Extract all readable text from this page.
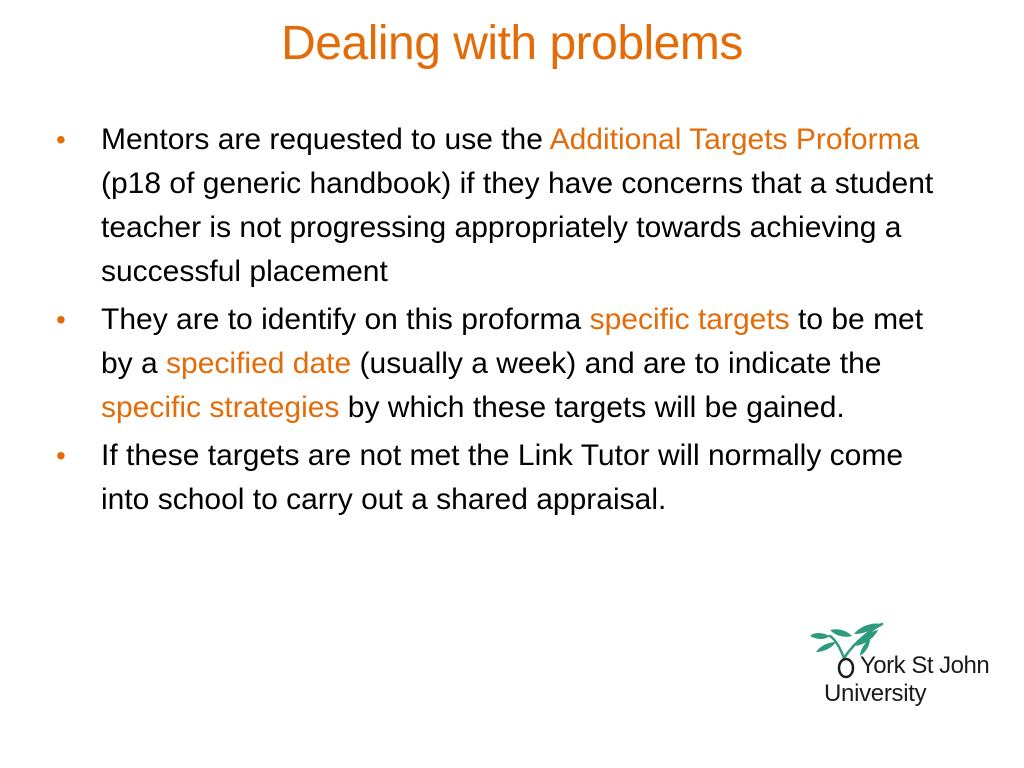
Dealing with problems
•	Mentors are requested to use the Additional Targets Proforma (p18 of generic handbook) if they have concerns that a student teacher is not progressing appropriately towards achieving a successful placement
•	They are to identify on this proforma specific targets to be met by a specified date (usually a week) and are to indicate the specific strategies by which these targets will be gained.
•	If these targets are not met the Link Tutor will normally come into school to carry out a shared appraisal.
York St John
University
